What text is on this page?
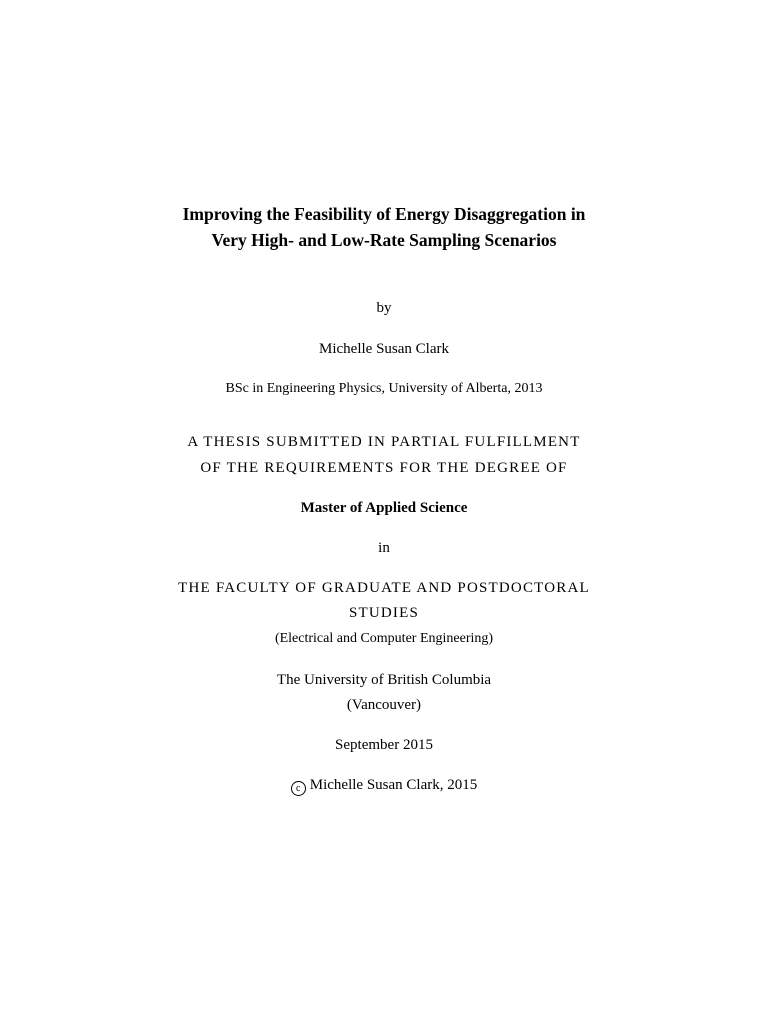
Improving the Feasibility of Energy Disaggregation in
Very High- and Low-Rate Sampling Scenarios
by
Michelle Susan Clark
BSc in Engineering Physics, University of Alberta, 2013
A THESIS SUBMITTED IN PARTIAL FULFILLMENT
OF THE REQUIREMENTS FOR THE DEGREE OF
Master of Applied Science
in
THE FACULTY OF GRADUATE AND POSTDOCTORAL
STUDIES
(Electrical and Computer Engineering)
The University of British Columbia
(Vancouver)
September 2015
c Michelle Susan Clark, 2015
